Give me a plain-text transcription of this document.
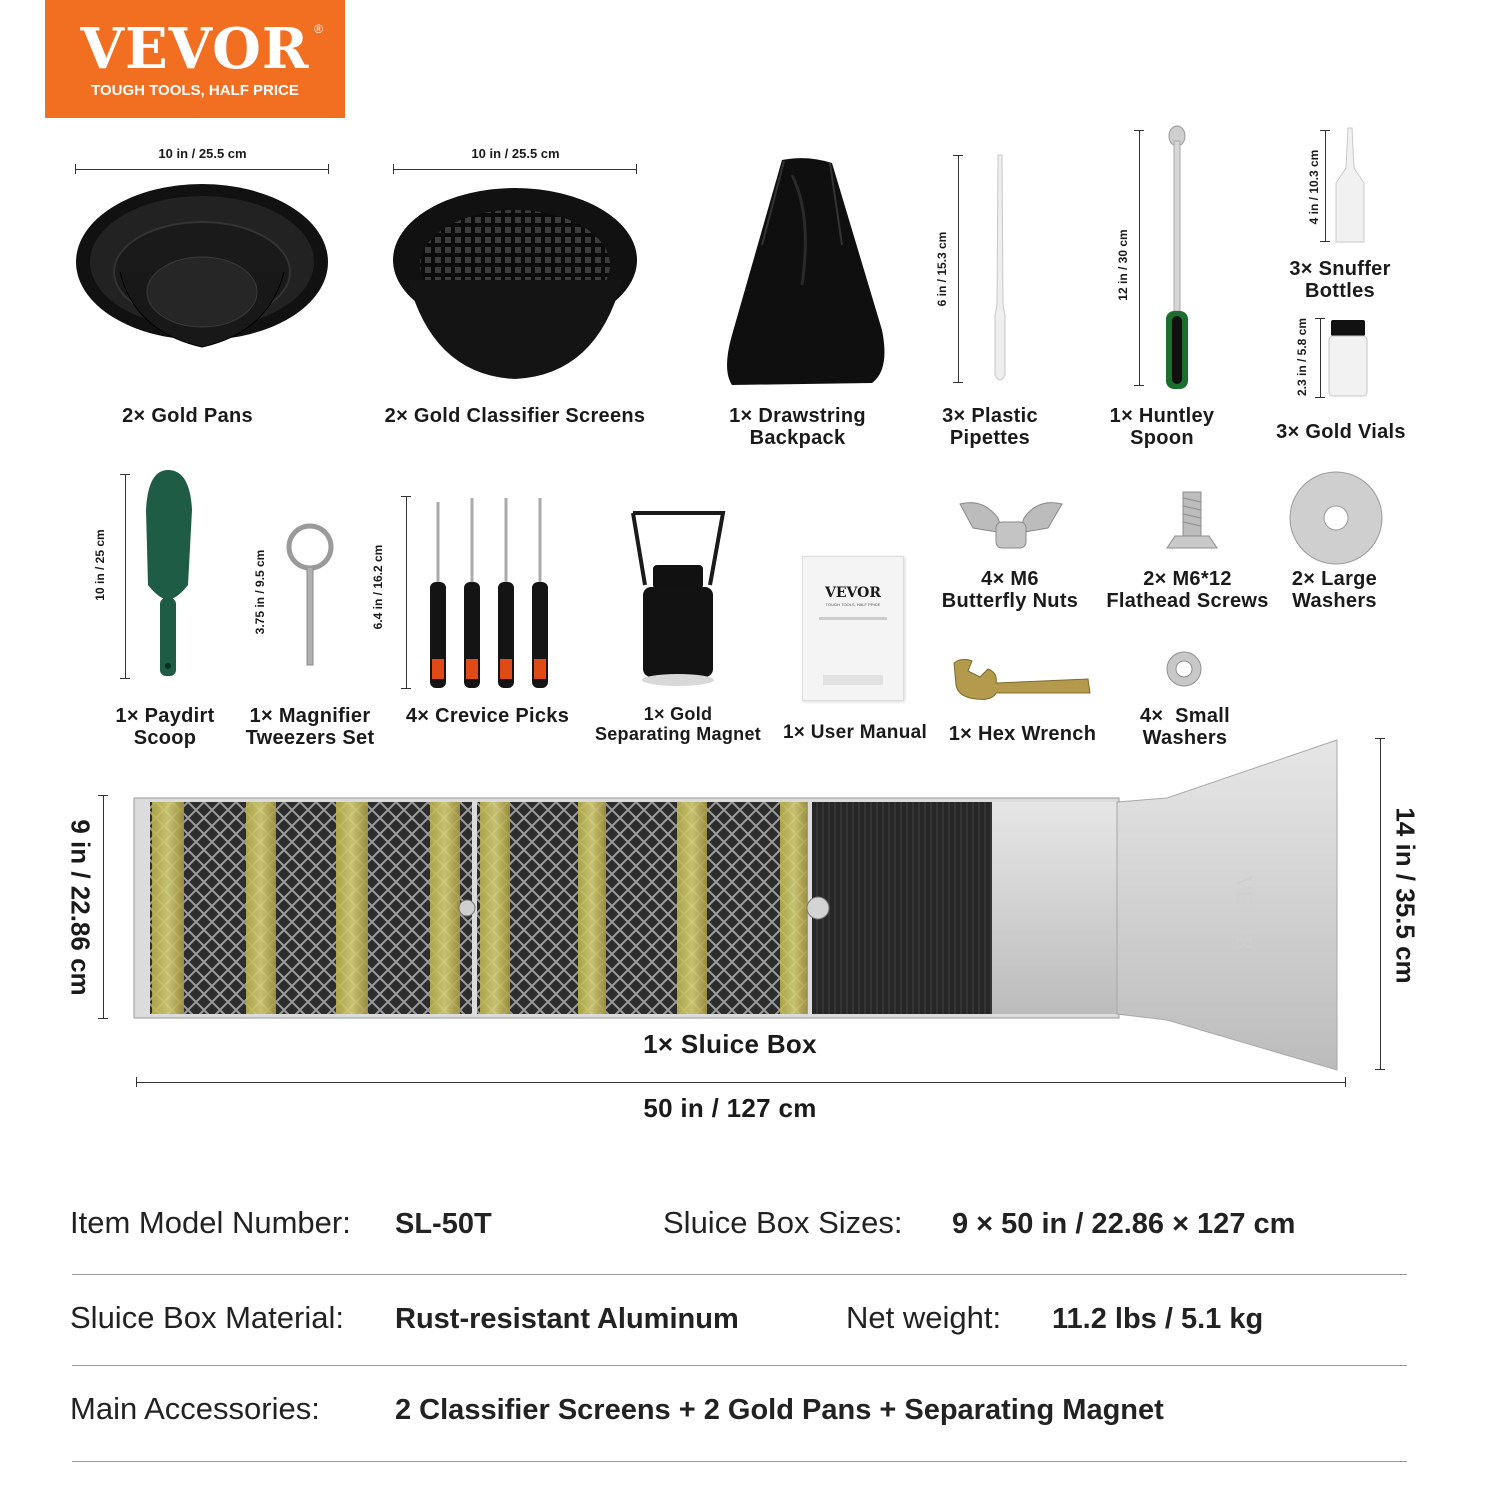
VEVOR ®
TOUGH TOOLS, HALF PRICE
10 in / 25.5 cm
2× Gold Pans
10 in / 25.5 cm
2× Gold Classifier Screens	1× Drawstring
Backpack
6 in / 15.3 cm
3× Plastic
Pipettes
12 in / 30 cm
1× Huntley
Spoon
4 in / 10.3 cm
3× Snuffer
Bottles
2.3 in / 5.8 cm
3× Gold Vials
10 in / 25 cm
1× Paydirt
Scoop
3.75 in / 9.5 cm
1× Magnifier
Tweezers Set
6.4 in / 16.2 cm
4× Crevice Picks	1× Gold
Separating Magnet
VEVOR
TOUGH TOOLS, HALF PRICE
1× User Manual
4× M6
Butterfly Nuts
2× M6*12
Flathead Screws
2× Large
Washers
1× Hex Wrench
4×  Small
Washers
9 in / 22.86 cm	VEVOR	14 in / 35.5 cm
1× Sluice Box
50 in / 127 cm
Item Model Number: SL-50T	Sluice Box Sizes: 9 × 50 in / 22.86 × 127 cm
Sluice Box Material: Rust-resistant Aluminum	Net weight: 11.2 lbs / 5.1 kg
Main Accessories:	2 Classifier Screens + 2 Gold Pans + Separating Magnet
